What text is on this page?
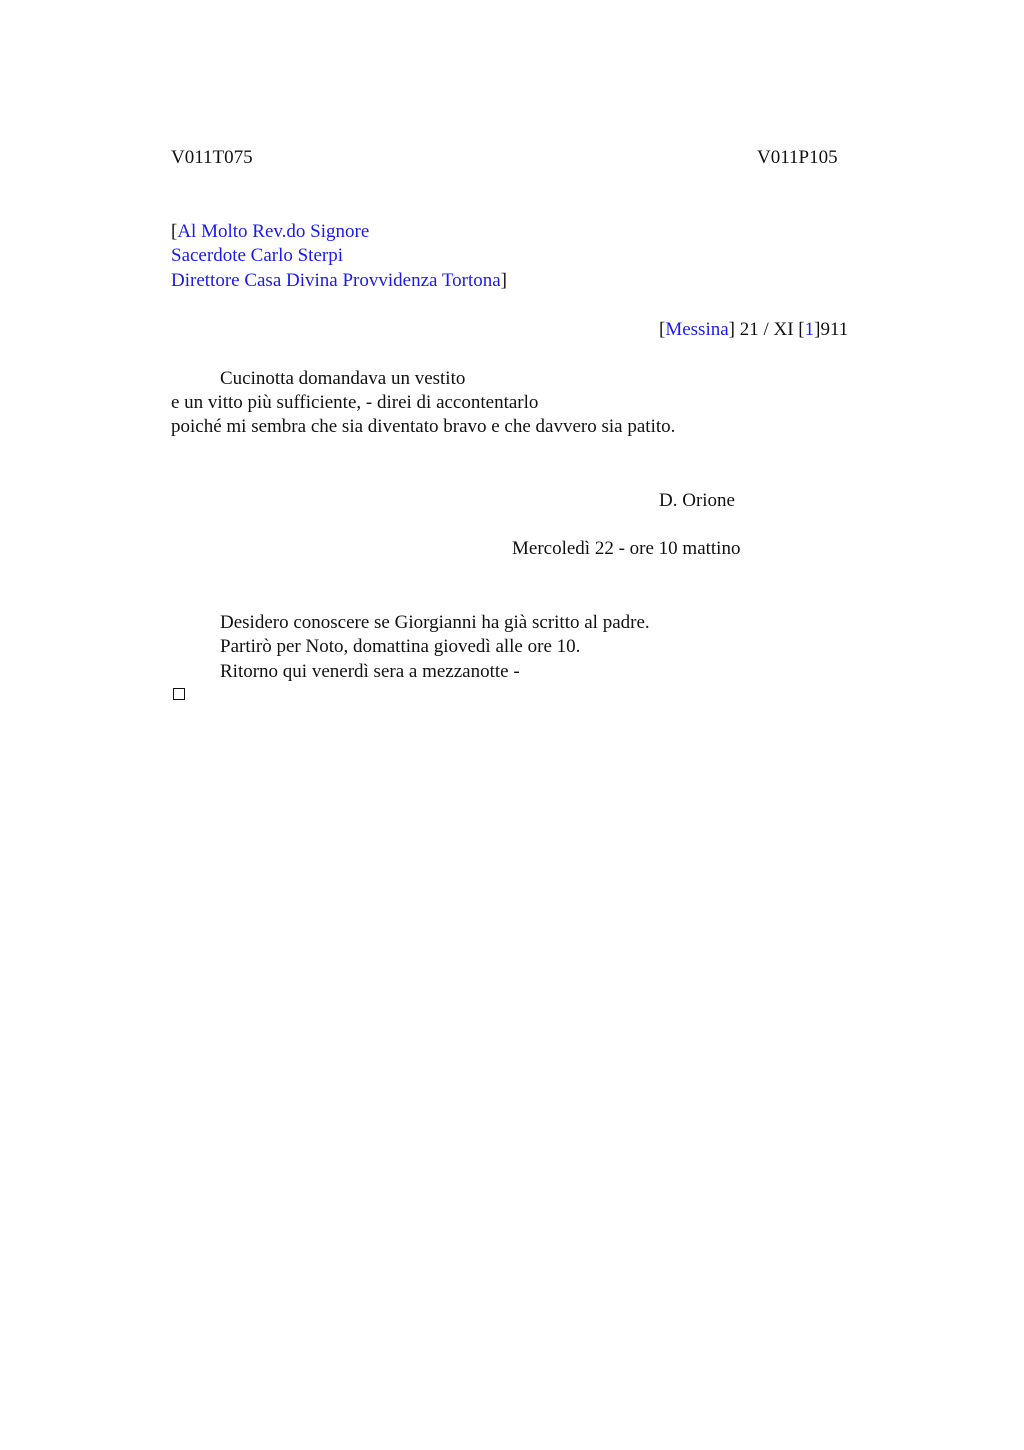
V011T075	V011P105
[Al Molto Rev.do Signore
Sacerdote Carlo Sterpi
Direttore Casa Divina Provvidenza Tortona]
[Messina] 21 / XI [1]911
Cucinotta domandava un vestito
e un vitto più sufficiente, - direi di accontentarlo
poiché mi sembra che sia diventato bravo e che davvero sia patito.
D. Orione
Mercoledì 22 - ore 10 mattino
Desidero conoscere se Giorgianni ha già scritto al padre.
Partirò per Noto, domattina giovedì alle ore 10.
Ritorno qui venerdì sera a mezzanotte -
